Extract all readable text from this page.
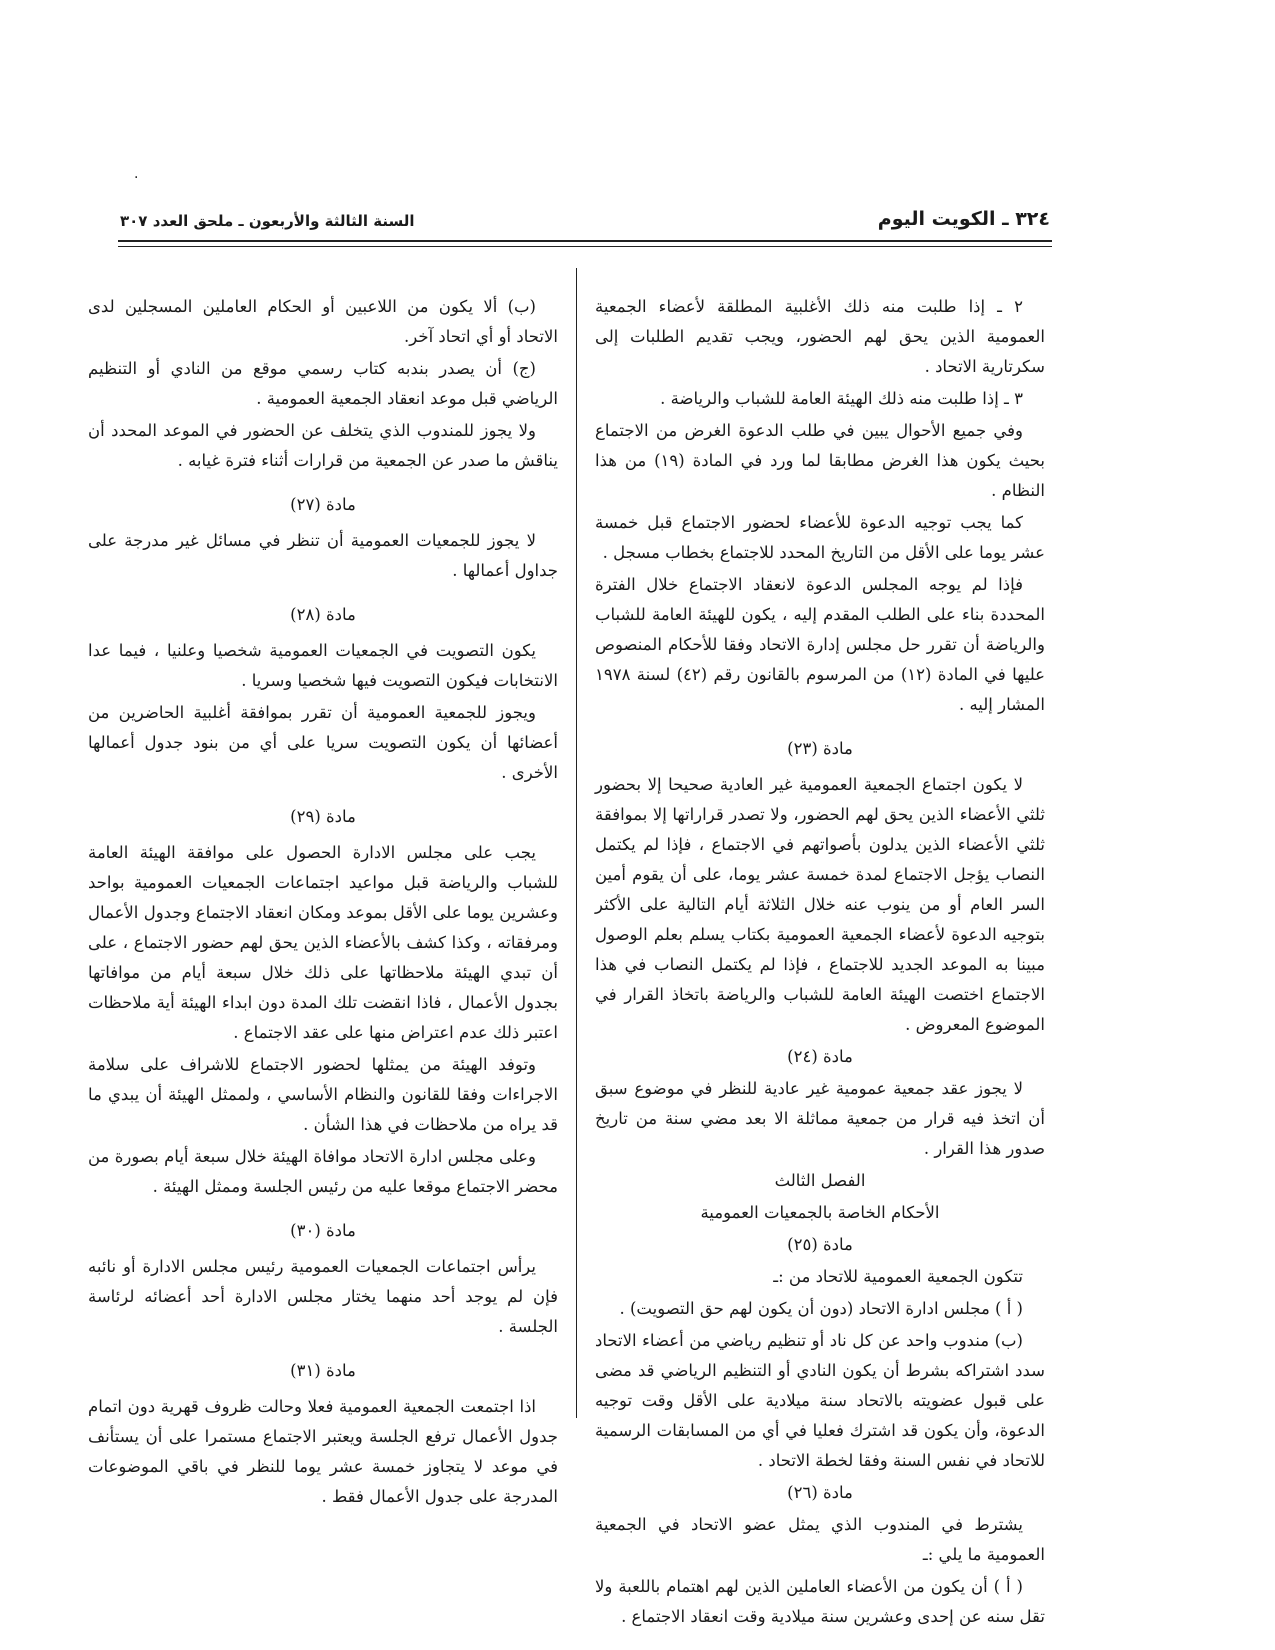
·
السنة الثالثة والأربعون ـ ملحق العدد ٣٠٧	٣٢٤ ـ الكويت اليوم

٢ ـ إذا طلبت منه ذلك الأغلبية المطلقة لأعضاء الجمعية العمومية الذين يحق لهم الحضور، ويجب تقديم الطلبات إلى سكرتارية الاتحاد .

٣ ـ إذا طلبت منه ذلك الهيئة العامة للشباب والرياضة .

وفي جميع الأحوال يبين في طلب الدعوة الغرض من الاجتماع بحيث يكون هذا الغرض مطابقا لما ورد في المادة (١٩) من هذا النظام .

كما يجب توجيه الدعوة للأعضاء لحضور الاجتماع قبل خمسة عشر يوما على الأقل من التاريخ المحدد للاجتماع بخطاب مسجل .

فإذا لم يوجه المجلس الدعوة لانعقاد الاجتماع خلال الفترة المحددة بناء على الطلب المقدم إليه ، يكون للهيئة العامة للشباب والرياضة أن تقرر حل مجلس إدارة الاتحاد وفقا للأحكام المنصوص عليها في المادة (١٢) من المرسوم بالقانون رقم (٤٢) لسنة ١٩٧٨ المشار إليه .

مادة (٢٣)

لا يكون اجتماع الجمعية العمومية غير العادية صحيحا إلا بحضور ثلثي الأعضاء الذين يحق لهم الحضور، ولا تصدر قراراتها إلا بموافقة ثلثي الأعضاء الذين يدلون بأصواتهم في الاجتماع ، فإذا لم يكتمل النصاب يؤجل الاجتماع لمدة خمسة عشر يوما، على أن يقوم أمين السر العام أو من ينوب عنه خلال الثلاثة أيام التالية على الأكثر بتوجيه الدعوة لأعضاء الجمعية العمومية بكتاب يسلم بعلم الوصول مبينا به الموعد الجديد للاجتماع ، فإذا لم يكتمل النصاب في هذا الاجتماع اختصت الهيئة العامة للشباب والرياضة باتخاذ القرار في الموضوع المعروض .

مادة (٢٤)

لا يجوز عقد جمعية عمومية غير عادية للنظر في موضوع سبق أن اتخذ فيه قرار من جمعية مماثلة الا بعد مضي سنة من تاريخ صدور هذا القرار .

الفصل الثالث

الأحكام الخاصة بالجمعيات العمومية

مادة (٢٥)

تتكون الجمعية العمومية للاتحاد من :ـ

( أ ) مجلس ادارة الاتحاد (دون أن يكون لهم حق التصويت) .

(ب) مندوب واحد عن كل ناد أو تنظيم رياضي من أعضاء الاتحاد سدد اشتراكه بشرط أن يكون النادي أو التنظيم الرياضي قد مضى على قبول عضويته بالاتحاد سنة ميلادية على الأقل وقت توجيه الدعوة، وأن يكون قد اشترك فعليا في أي من المسابقات الرسمية للاتحاد في نفس السنة وفقا لخطة الاتحاد .

مادة (٢٦)

يشترط في المندوب الذي يمثل عضو الاتحاد في الجمعية العمومية ما يلي :ـ

( أ ) أن يكون من الأعضاء العاملين الذين لهم اهتمام باللعبة ولا تقل سنه عن إحدى وعشرين سنة ميلادية وقت انعقاد الاجتماع .

(ب) ألا يكون من اللاعبين أو الحكام العاملين المسجلين لدى الاتحاد أو أي اتحاد آخر.

(ج) أن يصدر بندبه كتاب رسمي موقع من النادي أو التنظيم الرياضي قبل موعد انعقاد الجمعية العمومية .

ولا يجوز للمندوب الذي يتخلف عن الحضور في الموعد المحدد أن يناقش ما صدر عن الجمعية من قرارات أثناء فترة غيابه .

مادة (٢٧)

لا يجوز للجمعيات العمومية أن تنظر في مسائل غير مدرجة على جداول أعمالها .

مادة (٢٨)

يكون التصويت في الجمعيات العمومية شخصيا وعلنيا ، فيما عدا الانتخابات فيكون التصويت فيها شخصيا وسريا .

ويجوز للجمعية العمومية أن تقرر بموافقة أغلبية الحاضرين من أعضائها أن يكون التصويت سريا على أي من بنود جدول أعمالها الأخرى .

مادة (٢٩)

يجب على مجلس الادارة الحصول على موافقة الهيئة العامة للشباب والرياضة قبل مواعيد اجتماعات الجمعيات العمومية بواحد وعشرين يوما على الأقل بموعد ومكان انعقاد الاجتماع وجدول الأعمال ومرفقاته ، وكذا كشف بالأعضاء الذين يحق لهم حضور الاجتماع ، على أن تبدي الهيئة ملاحظاتها على ذلك خلال سبعة أيام من موافاتها بجدول الأعمال ، فاذا انقضت تلك المدة دون ابداء الهيئة أية ملاحظات اعتبر ذلك عدم اعتراض منها على عقد الاجتماع .

وتوفد الهيئة من يمثلها لحضور الاجتماع للاشراف على سلامة الاجراءات وفقا للقانون والنظام الأساسي ، ولممثل الهيئة أن يبدي ما قد يراه من ملاحظات في هذا الشأن .

وعلى مجلس ادارة الاتحاد موافاة الهيئة خلال سبعة أيام بصورة من محضر الاجتماع موقعا عليه من رئيس الجلسة وممثل الهيئة .

مادة (٣٠)

يرأس اجتماعات الجمعيات العمومية رئيس مجلس الادارة أو نائبه فإن لم يوجد أحد منهما يختار مجلس الادارة أحد أعضائه لرئاسة الجلسة .

مادة (٣١)

اذا اجتمعت الجمعية العمومية فعلا وحالت ظروف قهرية دون اتمام جدول الأعمال ترفع الجلسة ويعتبر الاجتماع مستمرا على أن يستأنف في موعد لا يتجاوز خمسة عشر يوما للنظر في باقي الموضوعات المدرجة على جدول الأعمال فقط .
